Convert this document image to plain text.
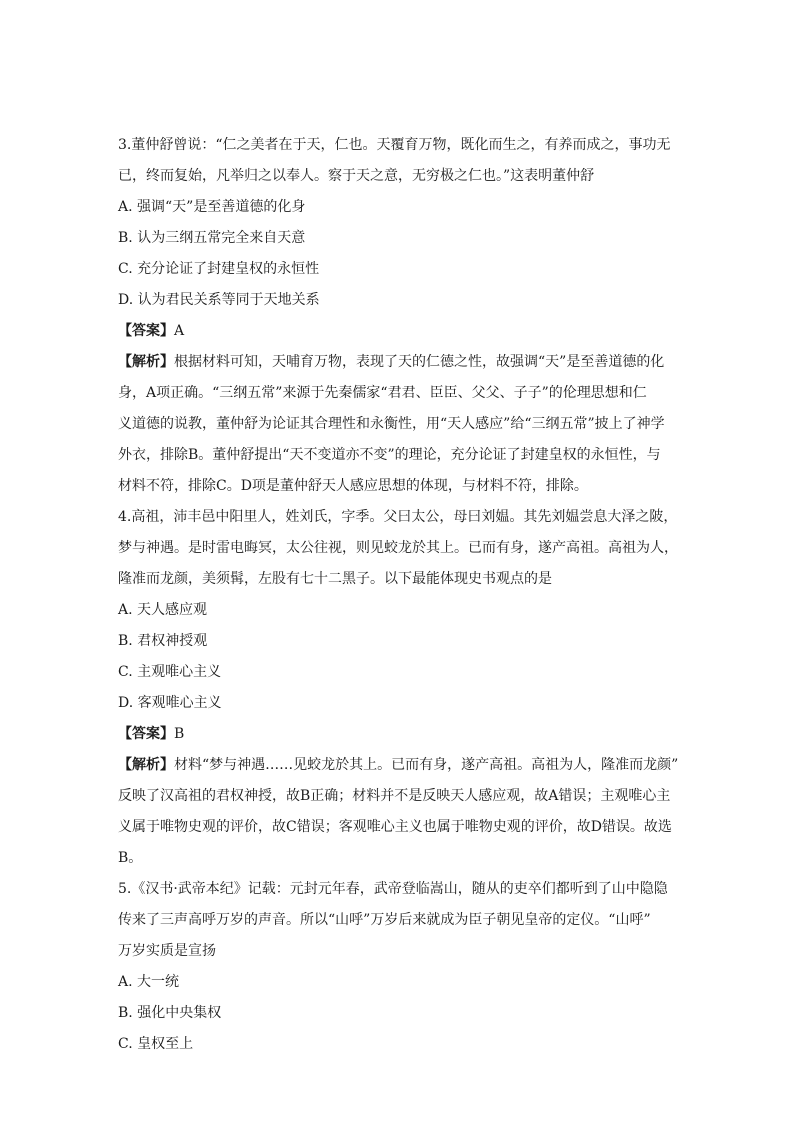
3.董仲舒曾说：“仁之美者在于天，仁也。天覆育万物，既化而生之，有养而成之，事功无
已，终而复始，凡举归之以奉人。察于天之意，无穷极之仁也。”这表明董仲舒
A. 强调“天”是至善道德的化身
B. 认为三纲五常完全来自天意
C. 充分论证了封建皇权的永恒性
D. 认为君民关系等同于天地关系
【答案】A
【解析】根据材料可知，天哺育万物，表现了天的仁德之性，故强调“天”是至善道德的化
身，A项正确。“三纲五常”来源于先秦儒家“君君、臣臣、父父、子子”的伦理思想和仁
义道德的说教，董仲舒为论证其合理性和永衡性，用“天人感应”给“三纲五常”披上了神学
外衣，排除B。董仲舒提出“天不变道亦不变”的理论，充分论证了封建皇权的永恒性，与
材料不符，排除C。D项是董仲舒天人感应思想的体现，与材料不符，排除。
4.高祖，沛丰邑中阳里人，姓刘氏，字季。父曰太公，母曰刘媪。其先刘媪尝息大泽之陂，
梦与神遇。是时雷电晦冥，太公往视，则见蛟龙於其上。已而有身，遂产高祖。高祖为人，
隆准而龙颜，美须髯，左股有七十二黑子。以下最能体现史书观点的是
A. 天人感应观
B. 君权神授观
C. 主观唯心主义
D. 客观唯心主义
【答案】B
【解析】材料“梦与神遇……见蛟龙於其上。已而有身，遂产高祖。高祖为人，隆准而龙颜”
反映了汉高祖的君权神授，故B正确；材料并不是反映天人感应观，故A错误；主观唯心主
义属于唯物史观的评价，故C错误；客观唯心主义也属于唯物史观的评价，故D错误。故选
B。
5.《汉书·武帝本纪》记载：元封元年春，武帝登临嵩山，随从的吏卒们都听到了山中隐隐
传来了三声高呼万岁的声音。所以“山呼”万岁后来就成为臣子朝见皇帝的定仪。“山呼”
万岁实质是宣扬
A. 大一统
B. 强化中央集权
C. 皇权至上
